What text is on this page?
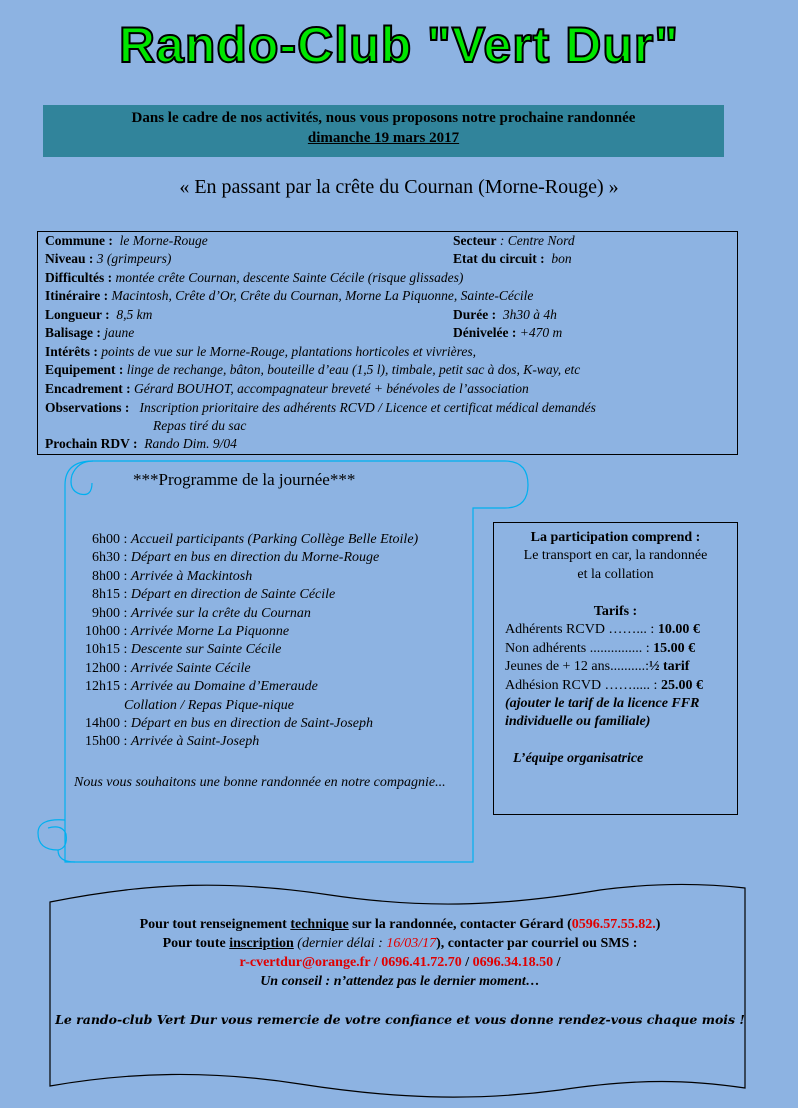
Rando-Club "Vert Dur"
Dans le cadre de nos activités, nous vous proposons notre prochaine randonnée
dimanche 19 mars 2017
« En passant par la crête du Cournan (Morne-Rouge) »
Commune : le Morne-Rouge	Secteur : Centre Nord
Niveau : 3 (grimpeurs)	Etat du circuit : bon
Difficultés : montée crête Cournan, descente Sainte Cécile (risque glissades)
Itinéraire : Macintosh, Crête d’Or, Crête du Cournan, Morne La Piquonne, Sainte-Cécile
Longueur : 8,5 km	Durée : 3h30 à 4h
Balisage : jaune	Dénivelée : +470 m
Intérêts : points de vue sur le Morne-Rouge, plantations horticoles et vivrières,
Equipement : linge de rechange, bâton, bouteille d’eau (1,5 l), timbale, petit sac à dos, K-way, etc
Encadrement : Gérard BOUHOT, accompagnateur breveté + bénévoles de l’association
Observations : Inscription prioritaire des adhérents RCVD / Licence et certificat médical demandés
Repas tiré du sac
Prochain RDV : Rando Dim. 9/04
***Programme de la journée***
6h00 : Accueil participants (Parking Collège Belle Etoile)
6h30 : Départ en bus en direction du Morne-Rouge
8h00 : Arrivée à Mackintosh
8h15 : Départ en direction de Sainte Cécile
9h00 : Arrivée sur la crête du Cournan
10h00 : Arrivée Morne La Piquonne
10h15 : Descente sur Sainte Cécile
12h00 : Arrivée Sainte Cécile
12h15 : Arrivée au Domaine d’Emeraude
Collation / Repas Pique-nique
14h00 : Départ en bus en direction de Saint-Joseph
15h00 : Arrivée à Saint-Joseph
Nous vous souhaitons une bonne randonnée en notre compagnie...
La participation comprend :
Le transport en car, la randonnée
et la collation
Tarifs :
Adhérents RCVD ……... : 10.00 €
Non adhérents ............... : 15.00 €
Jeunes de + 12 ans..........:½ tarif
Adhésion RCVD ……..... : 25.00 €
(ajouter le tarif de la licence FFR
individuelle ou familiale)
L’équipe organisatrice
Pour tout renseignement technique sur la randonnée, contacter Gérard (0596.57.55.82.)
Pour toute inscription (dernier délai : 16/03/17), contacter par courriel ou SMS :
r-cvertdur@orange.fr / 0696.41.72.70 / 0696.34.18.50 /
Un conseil : n’attendez pas le dernier moment…
Le rando-club Vert Dur vous remercie de votre confiance et vous donne rendez-vous chaque mois !
